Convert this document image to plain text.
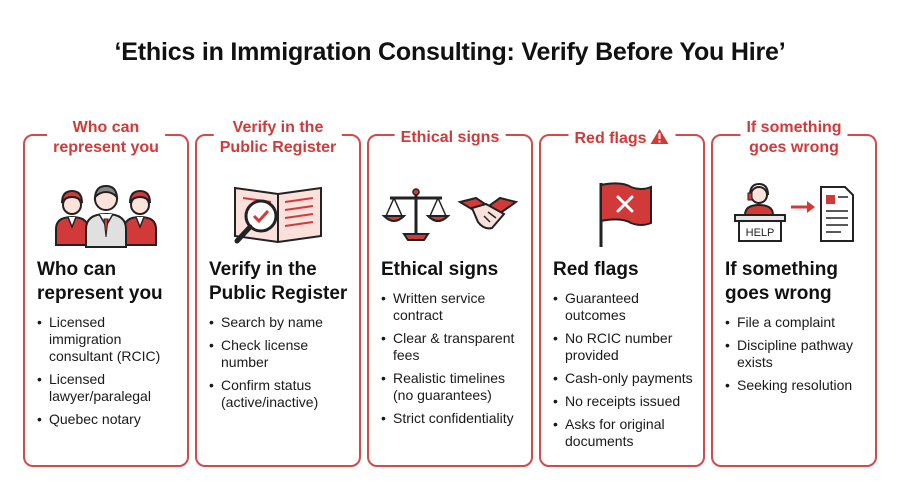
‘Ethics in Immigration Consulting: Verify Before You Hire’
Who can
represent you
Who can
represent you
• Licensed immigration consultant (RCIC)
• Licensed lawyer/paralegal
• Quebec notary
Verify in the
Public Register
Verify in the
Public Register
• Search by name
• Check license number
• Confirm status (active/inactive)
Ethical signs
Ethical signs
• Written service contract
• Clear & transparent fees
• Realistic timelines (no guarantees)
• Strict confidentiality
Red flags
Red flags
• Guaranteed outcomes
• No RCIC number provided
• Cash-only payments
• No receipts issued
• Asks for original documents
If something
goes wrong
HELP
If something
goes wrong
• File a complaint
• Discipline pathway exists
• Seeking resolution
